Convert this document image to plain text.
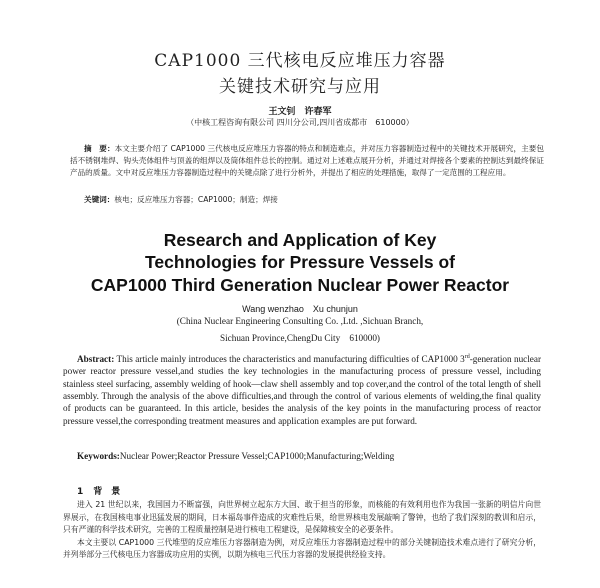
CAP1000 三代核电反应堆压力容器
关键技术研究与应用
王文钊　许春军
（中核工程咨询有限公司 四川分公司,四川省成都市　610000）
摘　要：本文主要介绍了 CAP1000 三代核电反应堆压力容器的特点和制造难点，并对压力容器制造过程中的关键技术开展研究，主要包括不锈钢堆焊、钩头壳体组件与顶盖的组焊以及筒体组件总长的控制。通过对上述难点展开分析，并通过对焊接各个要素的控制达到最终保证产品的质量。文中对反应堆压力容器制造过程中的关键点除了进行分析外，并提出了相应的处理措施，取得了一定范围的工程应用。
关键词：核电；反应堆压力容器；CAP1000；制造；焊接
Research and Application of Key
Technologies for Pressure Vessels of
CAP1000 Third Generation Nuclear Power Reactor
Wang wenzhao　Xu chunjun
(China Nuclear Engineering Consulting Co. ,Ltd. ,Sichuan Branch,
Sichuan Province,ChengDu City　610000)
Abstract: This article mainly introduces the characteristics and manufacturing difficulties of CAP1000 3rd-generation nuclear power reactor pressure vessel,and studies the key technologies in the manufacturing process of pressure vessel, including stainless steel surfacing, assembly welding of hook—claw shell assembly and top cover,and the control of the total length of shell assembly. Through the analysis of the above difficulties,and through the control of various elements of welding,the final quality of products can be guaranteed. In this article, besides the analysis of the key points in the manufacturing process of reactor pressure vessel,the corresponding treatment measures and application examples are put forward.
Keywords:Nuclear Power;Reactor Pressure Vessel;CAP1000;Manufacturing;Welding
1 背　景

进入 21 世纪以来，我国国力不断富强，向世界树立起东方大国、敢于担当的形象，而核能的有效利用也作为我国一张新的明信片向世界展示，在我国核电事业迅猛发展的期间，日本福岛事件造成的灾难性后果，给世界核电发展敲响了警钟，也给了我们深刻的教训和启示，只有严谨的科学技术研究，完善的工程质量控制是进行核电工程建设，是保障核安全的必要条件。

本文主要以 CAP1000 三代堆型的反应堆压力容器制造为例，对反应堆压力容器制造过程中的部分关键制造技术难点进行了研究分析，并列举部分三代核电压力容器成功应用的实例，以期为核电三代压力容器的发展提供经验支持。
